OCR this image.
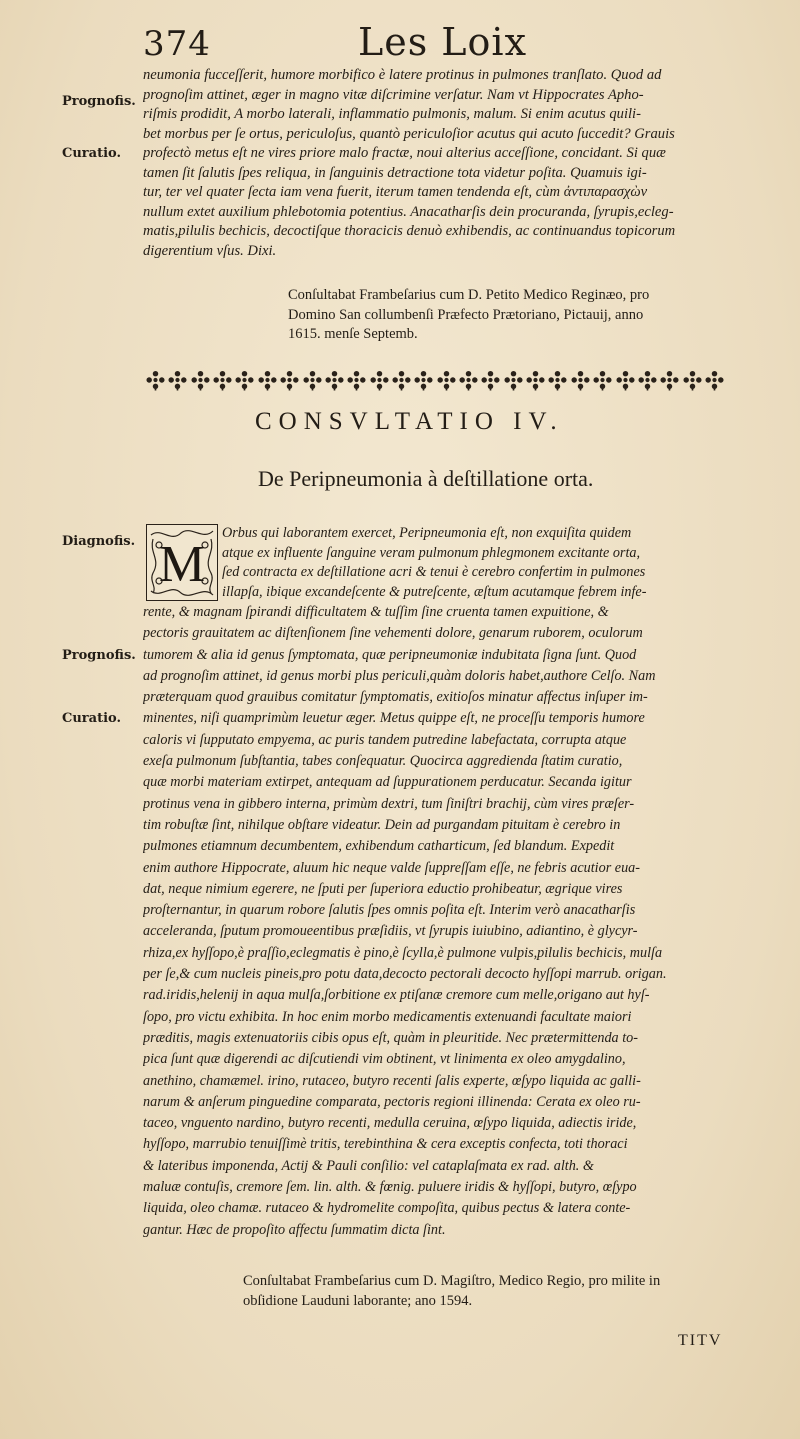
374	Les Loix
Prognofis.
Curatio.
Diagnofis.
Prognofis.
Curatio.
neumonia fucceſſerit, humore morbifico è latere protinus in pulmones tranſlato. Quod ad
prognoſim attinet, æger in magno vitæ diſcrimine verſatur. Nam vt Hippocrates Apho-
riſmis prodidit, A morbo laterali, inflammatio pulmonis, malum. Si enim acutus quili-
bet morbus per ſe ortus, periculoſus, quantò periculoſior acutus qui acuto ſuccedit? Grauis
profectò metus eſt ne vires priore malo fractæ, noui alterius acceſſione, concidant. Si quæ
tamen ſit ſalutis ſpes reliqua, in ſanguinis detractione tota videtur poſita. Quamuis igi-
tur, ter vel quater ſecta iam vena fuerit, iterum tamen tendenda eſt, cùm ἀντιπαρασχὼν
nullum extet auxilium phlebotomia potentius. Anacatharſis dein procuranda, ſyrupis,ecleg-
matis,pilulis bechicis, decoctiſque thoracicis denuò exhibendis, ac continuandus topicorum
digerentium vſus. Dixi.
Conſultabat Frambeſarius cum D. Petito Medico Reginæo, pro
Domino San collumbenſi Præfecto Prætoriano, Pictauij, anno
1615. menſe Septemb.
CONSVLTATIO IV.
De Peripneumonia à deſtillatione orta.
M
Orbus qui laborantem exercet, Peripneumonia eſt, non exquiſita quidem
atque ex influente ſanguine veram pulmonum phlegmonem excitante orta,
ſed contracta ex deſtillatione acri & tenui è cerebro confertim in pulmones
illapſa, ibique excandeſcente & putreſcente, æſtum acutamque febrem infe-
rente, & magnam ſpirandi difficultatem & tuſſim ſine cruenta tamen expuitione, &
pectoris grauitatem ac diſtenſionem ſine vehementi dolore, genarum ruborem, oculorum
tumorem & alia id genus ſymptomata, quæ peripneumoniæ indubitata ſigna ſunt. Quod
ad prognoſim attinet, id genus morbi plus periculi,quàm doloris habet,authore Celſo. Nam
præterquam quod grauibus comitatur ſymptomatis, exitioſos minatur affectus inſuper im-
minentes, niſi quamprimùm leuetur æger. Metus quippe eſt, ne proceſſu temporis humore
caloris vi ſupputato empyema, ac puris tandem putredine labefactata, corrupta atque
exeſa pulmonum ſubſtantia, tabes conſequatur. Quocirca aggredienda ſtatim curatio,
quæ morbi materiam extirpet, antequam ad ſuppurationem perducatur. Secanda igitur
protinus vena in gibbero interna, primùm dextri, tum ſiniſtri brachij, cùm vires præſer-
tim robuſtæ ſint, nihilque obſtare videatur. Dein ad purgandam pituitam è cerebro in
pulmones etiamnum decumbentem, exhibendum catharticum, ſed blandum. Expedit
enim authore Hippocrate, aluum hic neque valde ſuppreſſam eſſe, ne febris acutior eua-
dat, neque nimium egerere, ne ſputi per ſuperiora eductio prohibeatur, ægrique vires
proſternantur, in quarum robore ſalutis ſpes omnis poſita eſt. Interim verò anacatharſis
acceleranda, ſputum promoueentibus præſidiis, vt ſyrupis iuiubino, adiantino, è glycyr-
rhiza,ex hyſſopo,è praſſio,eclegmatis è pino,è ſcylla,è pulmone vulpis,pilulis bechicis, mulſa
per ſe,& cum nucleis pineis,pro potu data,decocto pectorali decocto hyſſopi marrub. origan.
rad.iridis,helenij in aqua mulſa,ſorbitione ex ptiſanæ cremore cum melle,origano aut hyſ-
ſopo, pro victu exhibita. In hoc enim morbo medicamentis extenuandi facultate maiori
præditis, magis extenuatoriis cibis opus eſt, quàm in pleuritide. Nec prætermittenda to-
pica ſunt quæ digerendi ac diſcutiendi vim obtinent, vt linimenta ex oleo amygdalino,
anethino, chamæmel. irino, rutaceo, butyro recenti ſalis experte, œſypo liquida ac galli-
narum & anſerum pinguedine comparata, pectoris regioni illinenda: Cerata ex oleo ru-
taceo, vnguento nardino, butyro recenti, medulla ceruina, œſypo liquida, adiectis iride,
hyſſopo, marrubio tenuiſſimè tritis, terebinthina & cera exceptis confecta, toti thoraci
& lateribus imponenda, Actij & Pauli conſilio: vel cataplaſmata ex rad. alth. &
maluæ contuſis, cremore ſem. lin. alth. & fœnig. puluere iridis & hyſſopi, butyro, œſypo
liquida, oleo chamæ. rutaceo & hydromelite compoſita, quibus pectus & latera conte-
gantur. Hæc de propoſito affectu ſummatim dicta ſint.
Conſultabat Frambeſarius cum D. Magiſtro, Medico Regio, pro milite in
obſidione Lauduni laborante; ano 1594.
TITV
